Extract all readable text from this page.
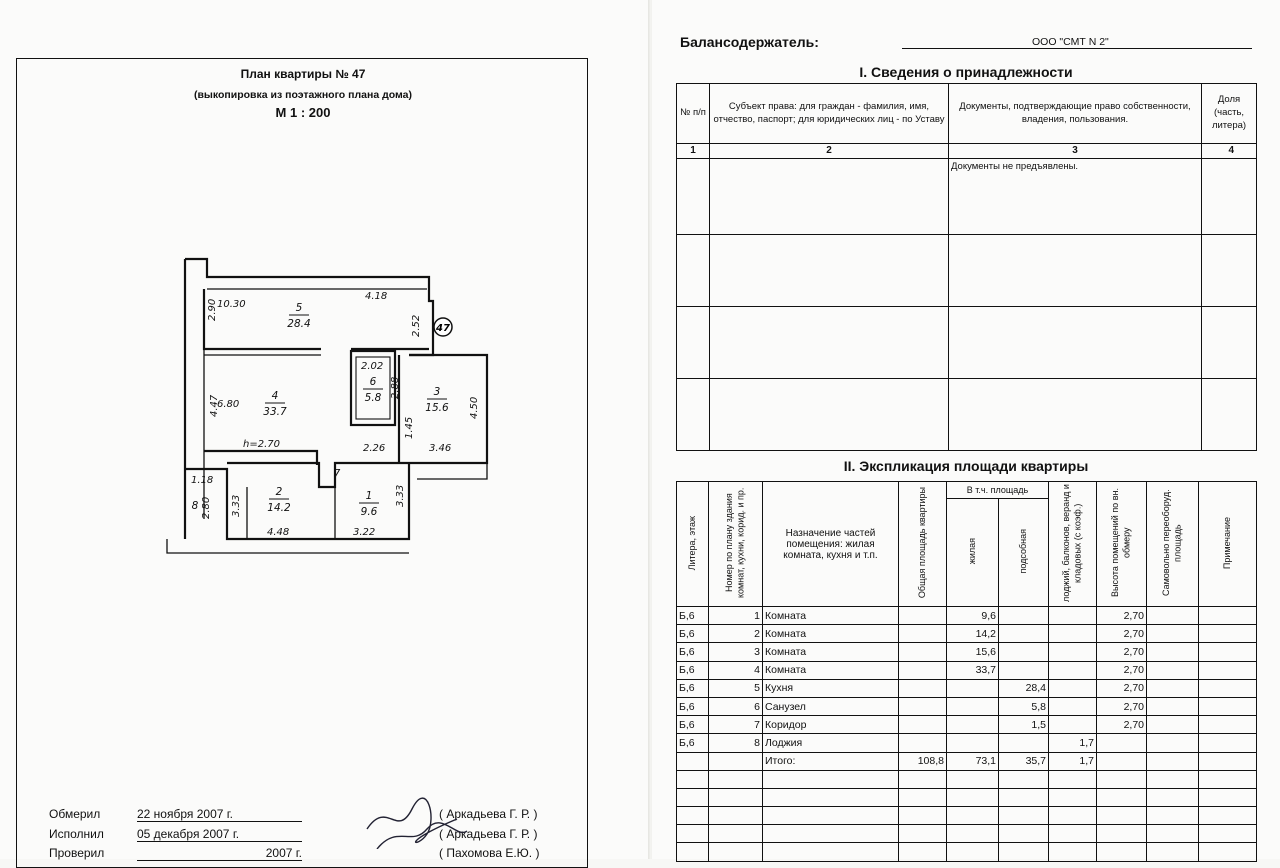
План квартиры № 47
(выкопировка из поэтажного плана дома)
М 1 : 200
47
10.30
4.18
2.90
2.52
2.02
2.88
6.80
4.47	4.50
2.26
1.45
3.46
1.18
2.80 3.33
4.48	3.22
3.33
h=2.70
5
28.4
4
33.7
6
5.8	3
15.6
2
14.2
1
9.6
7
8
Обмерил	22 ноября 2007 г.	( Аркадьева Г. Р. )
Исполнил	05 декабря 2007 г.	( Аркадьева Г. Р. )
Проверил	2007 г.	( Пахомова Е.Ю. )
Балансодержатель:	ООО "СМТ N 2"
I. Сведения о принадлежности
№ п/п	Субъект права: для граждан - фамилия, имя, отчество, паспорт; для юридических лиц - по Уставу	Документы, подтверждающие право собственности, владения, пользования.	Доля (часть, литера)
1	2	3	4
		Документы не предъявлены.	

II. Экспликация площади квартиры
Литера, этаж	Номер по плану здания комнат, кухни, корид. и пр.	Назначение частей помещения: жилая комната, кухня и т.п.	Общая площадь квартиры	В т.ч. площадь		лоджий, балконов, веранд и кладовых (с коэф.)	Высота помещений по вн. обмеру	Самовольно переоборуд. площадь	Примечание
				жилая	подсобная				
Б,6	1	Комната		9,6			2,70		
Б,6	2	Комната		14,2			2,70		
Б,6	3	Комната		15,6			2,70		
Б,6	4	Комната		33,7			2,70		
Б,6	5	Кухня			28,4		2,70		
Б,6	6	Санузел			5,8		2,70		
Б,6	7	Коридор			1,5		2,70		
Б,6	8	Лоджия				1,7			
		Итого:	108,8	73,1	35,7	1,7			
